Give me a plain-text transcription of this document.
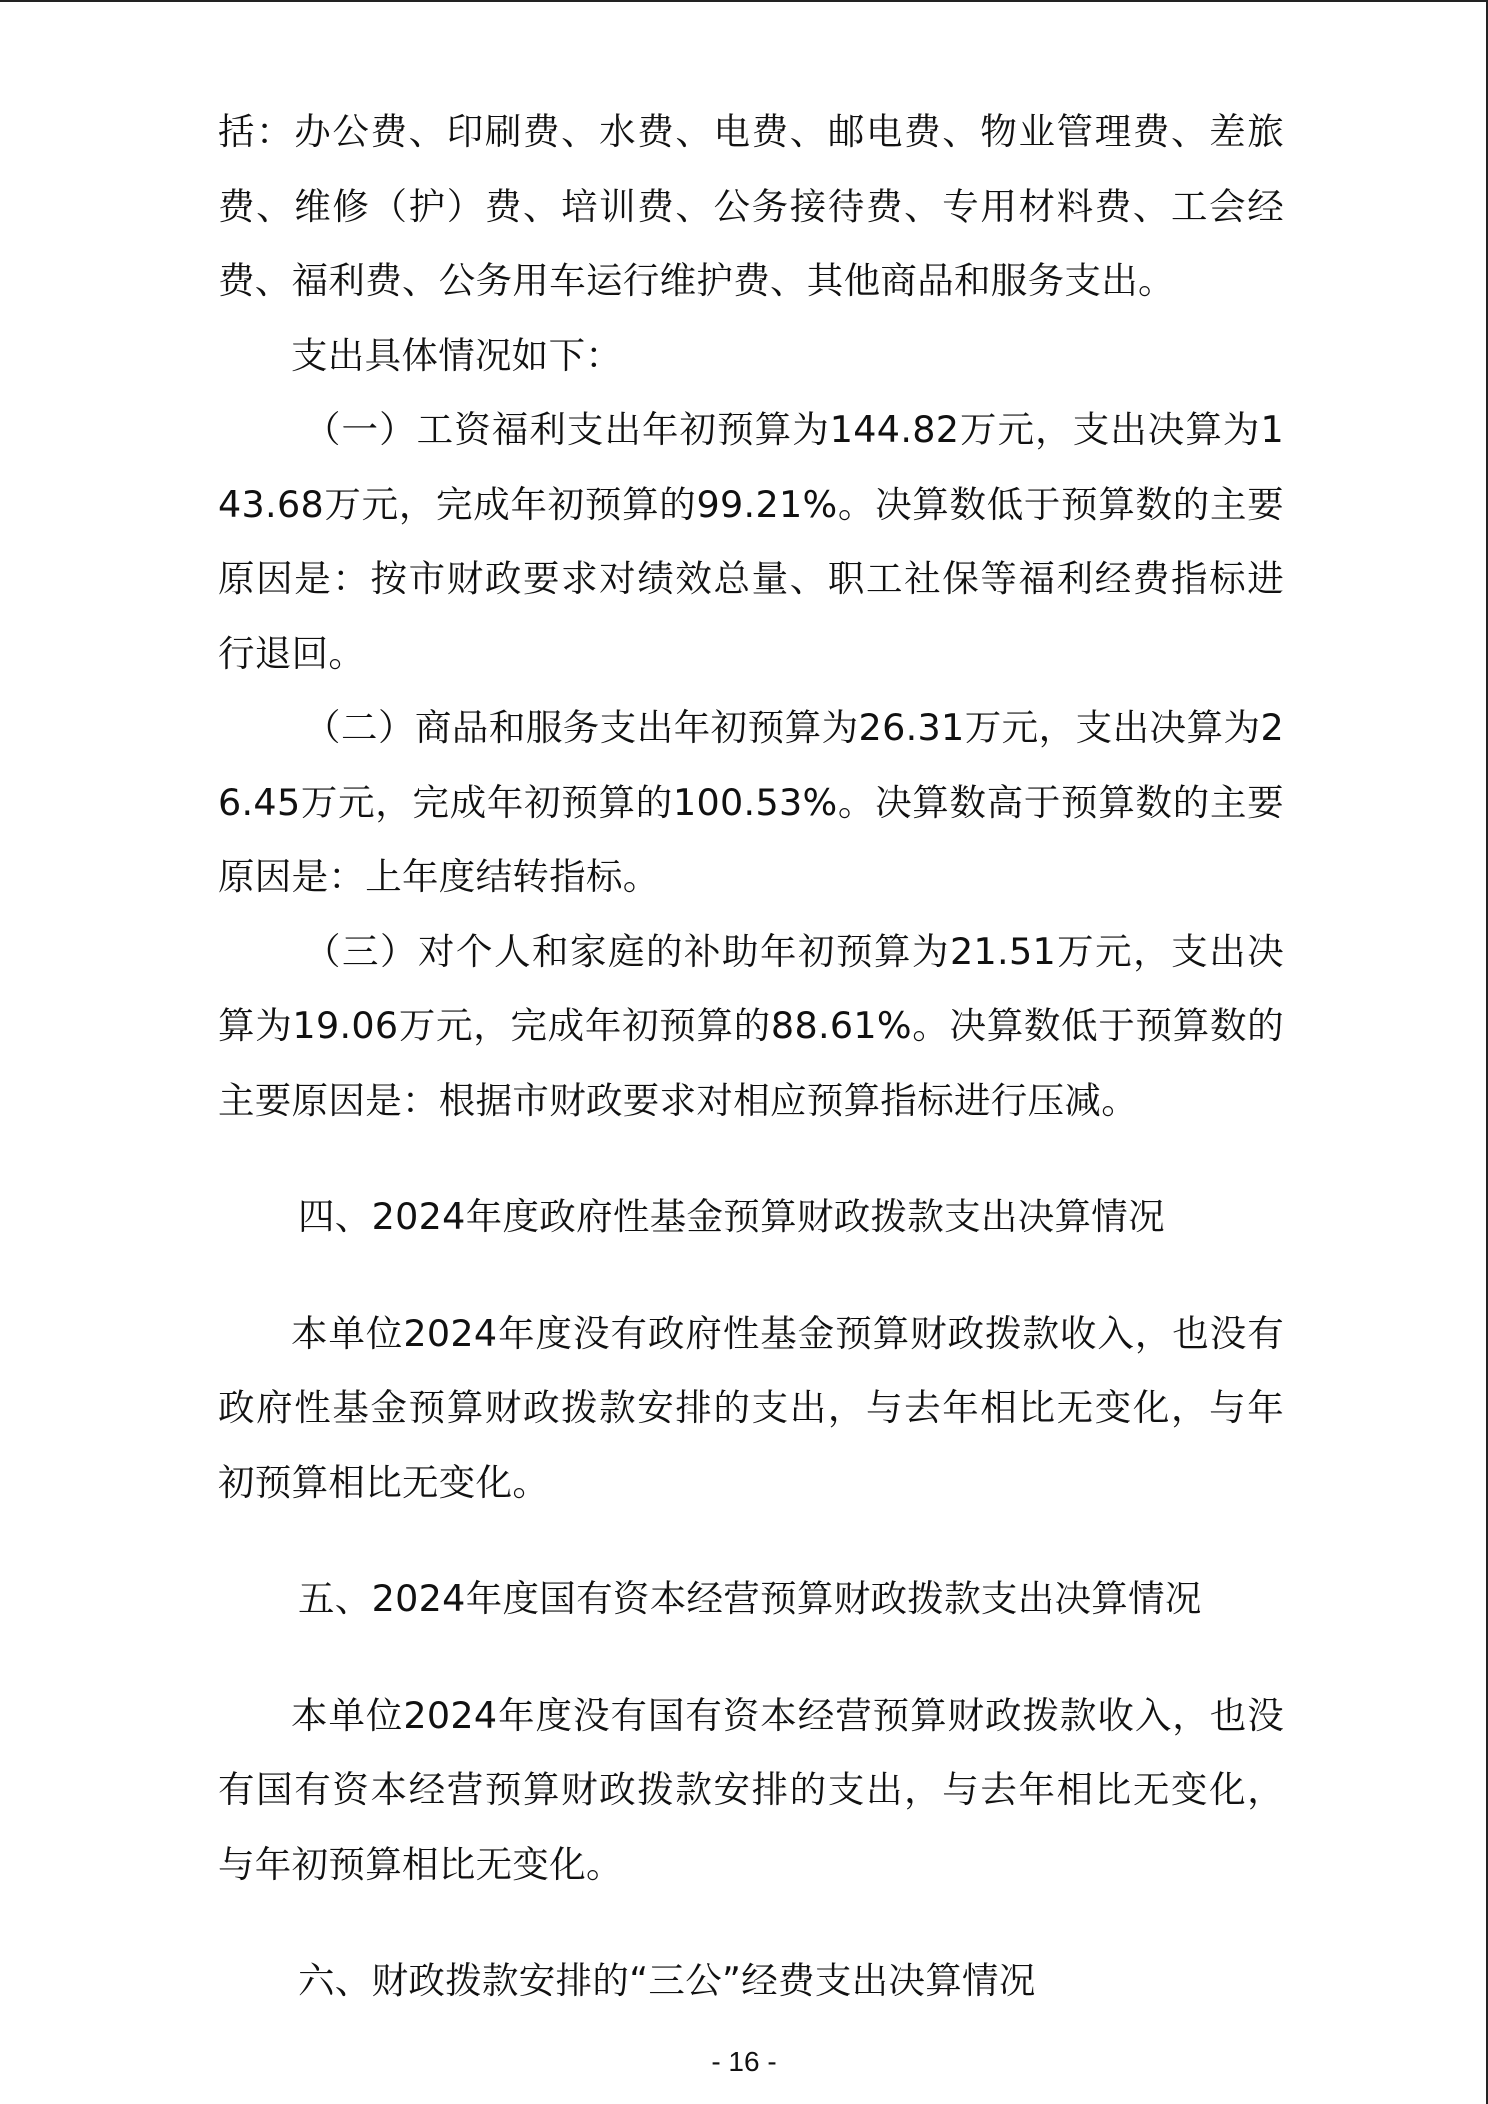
括：办公费、印刷费、水费、电费、邮电费、物业管理费、差旅费、维修（护）费、培训费、公务接待费、专用材料费、工会经费、福利费、公务用车运行维护费、其他商品和服务支出。

支出具体情况如下：

（一）工资福利支出年初预算为144.82万元，支出决算为143.68万元，完成年初预算的99.21%。决算数低于预算数的主要原因是：按市财政要求对绩效总量、职工社保等福利经费指标进行退回。

（二）商品和服务支出年初预算为26.31万元，支出决算为26.45万元，完成年初预算的100.53%。决算数高于预算数的主要原因是：上年度结转指标。

（三）对个人和家庭的补助年初预算为21.51万元，支出决算为19.06万元，完成年初预算的88.61%。决算数低于预算数的主要原因是：根据市财政要求对相应预算指标进行压减。

四、2024年度政府性基金预算财政拨款支出决算情况

本单位2024年度没有政府性基金预算财政拨款收入，也没有政府性基金预算财政拨款安排的支出，与去年相比无变化，与年初预算相比无变化。

五、2024年度国有资本经营预算财政拨款支出决算情况

本单位2024年度没有国有资本经营预算财政拨款收入，也没有国有资本经营预算财政拨款安排的支出，与去年相比无变化，与年初预算相比无变化。

六、财政拨款安排的“三公”经费支出决算情况

- 16 -
